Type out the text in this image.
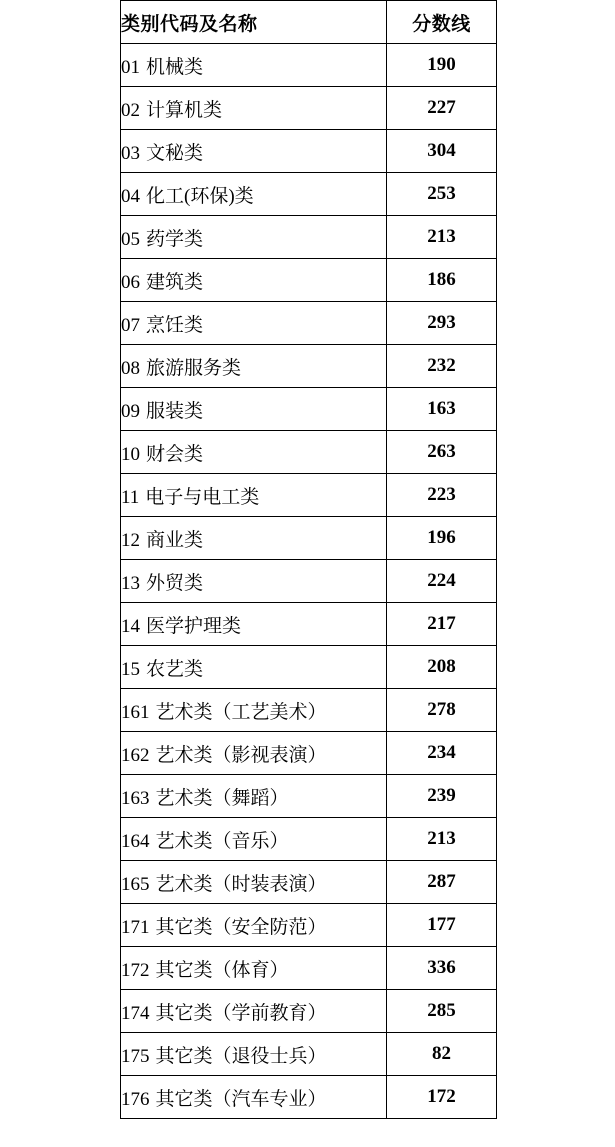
类别代码及名称	分数线
01 机械类	190
02 计算机类	227
03 文秘类	304
04 化工(环保)类	253
05 药学类	213
06 建筑类	186
07 烹饪类	293
08 旅游服务类	232
09 服装类	163
10 财会类	263
11 电子与电工类	223
12 商业类	196
13 外贸类	224
14 医学护理类	217
15 农艺类	208
161 艺术类（工艺美术）	278
162 艺术类（影视表演）	234
163 艺术类（舞蹈）	239
164 艺术类（音乐）	213
165 艺术类（时装表演）	287
171 其它类（安全防范）	177
172 其它类（体育）	336
174 其它类（学前教育）	285
175 其它类（退役士兵）	82
176 其它类（汽车专业）	172
